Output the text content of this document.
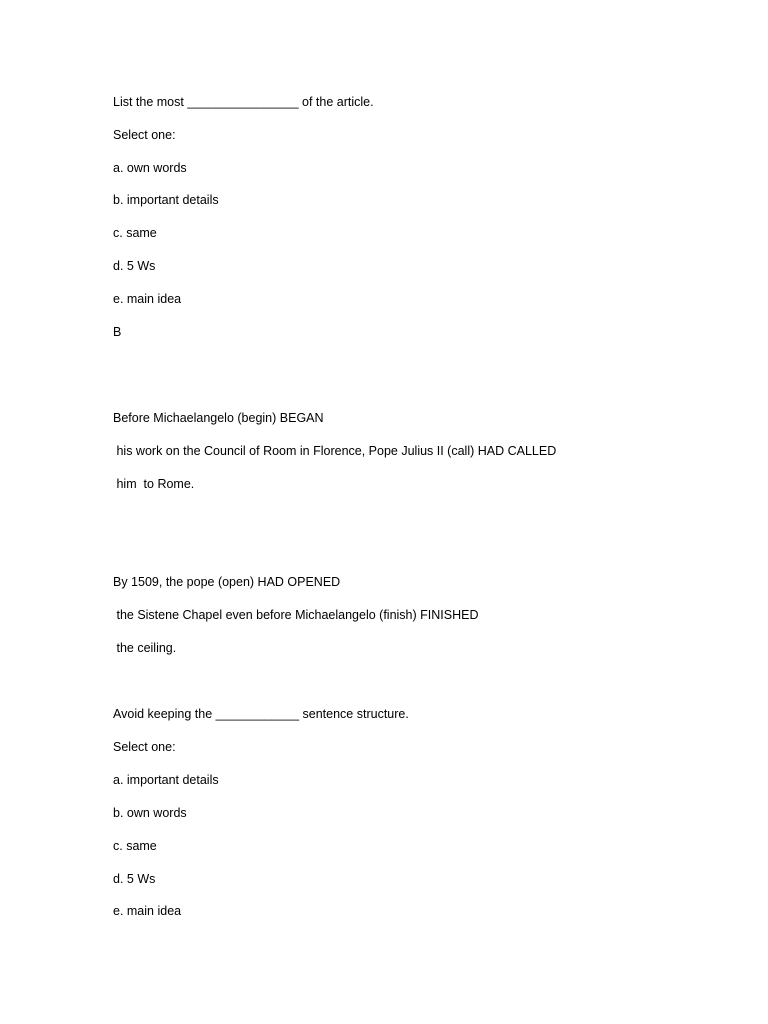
List the most ________________ of the article.
Select one:
a. own words
b. important details
c. same
d. 5 Ws
e. main idea
B
Before Michaelangelo (begin) BEGAN
his work on the Council of Room in Florence, Pope Julius II (call) HAD CALLED
him  to Rome.
By 1509, the pope (open) HAD OPENED
the Sistene Chapel even before Michaelangelo (finish) FINISHED
the ceiling.
Avoid keeping the ____________ sentence structure.
Select one:
a. important details
b. own words
c. same
d. 5 Ws
e. main idea
